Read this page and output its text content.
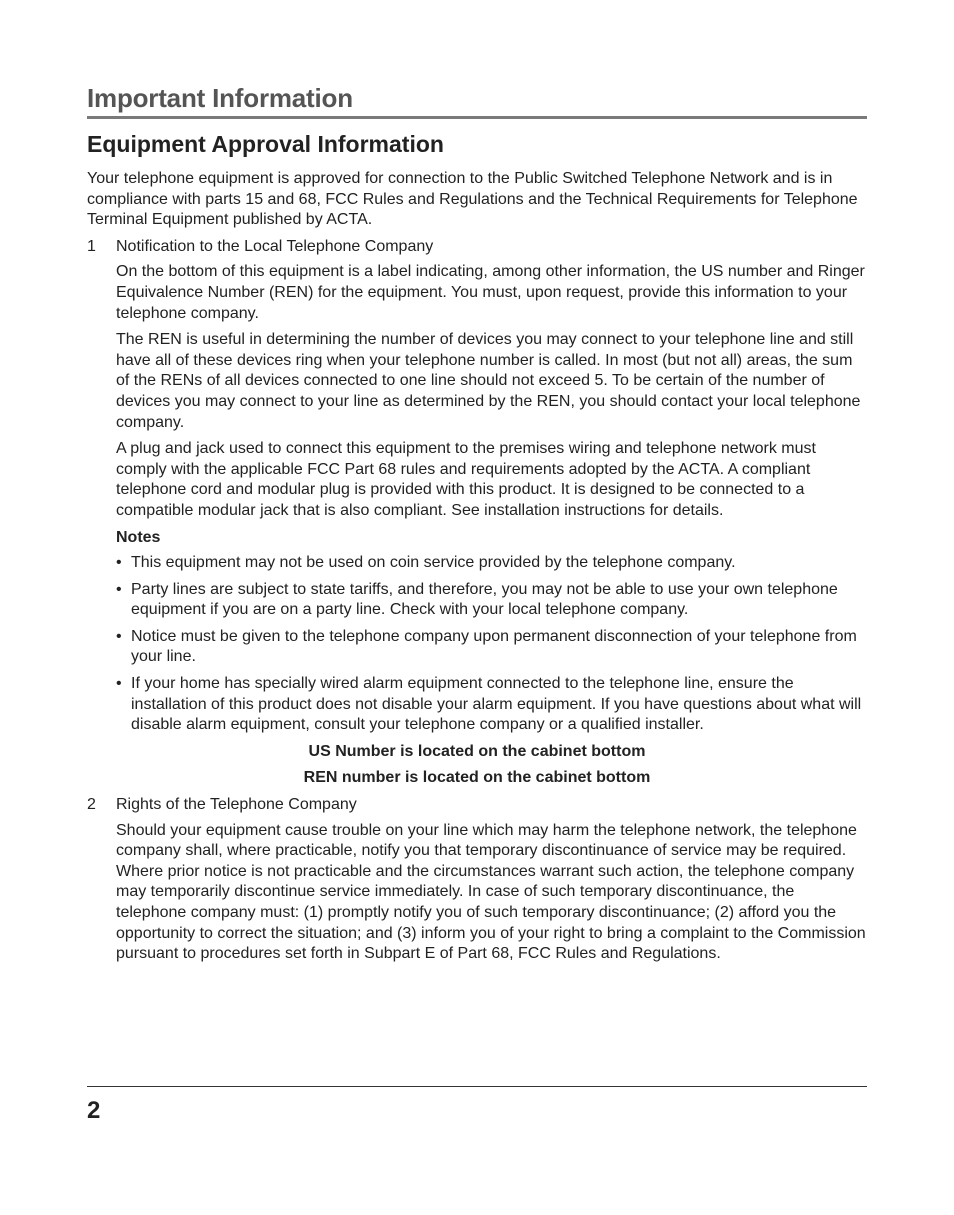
Important Information
Equipment Approval Information

Your telephone equipment is approved for connection to the Public Switched Telephone Network and is in compliance with parts 15 and 68, FCC Rules and Regulations and the Technical Requirements for Telephone Terminal Equipment published by ACTA.

1	Notification to the Local Telephone Company

On the bottom of this equipment is a label indicating, among other information, the US number and Ringer Equivalence Number (REN) for the equipment. You must, upon request, provide this information to your telephone company.

The REN is useful in determining the number of devices you may connect to your telephone line and still have all of these devices ring when your telephone number is called. In most (but not all) areas, the sum of the RENs of all devices connected to one line should not exceed 5. To be certain of the number of devices you may connect to your line as determined by the REN, you should contact your local telephone company.

A plug and jack used to connect this equipment to the premises wiring and telephone network must comply with the applicable FCC Part 68 rules and requirements adopted by the ACTA. A compliant telephone cord and modular plug is provided with this product. It is designed to be connected to a compatible modular jack that is also compliant. See installation instructions for details.

Notes
• This equipment may not be used on coin service provided by the telephone company.
• Party lines are subject to state tariffs, and therefore, you may not be able to use your own telephone equipment if you are on a party line. Check with your local telephone company.
• Notice must be given to the telephone company upon permanent disconnection of your telephone from your line.
• If your home has specially wired alarm equipment connected to the telephone line, ensure the installation of this product does not disable your alarm equipment. If you have questions about what will disable alarm equipment, consult your telephone company or a qualified installer.
US Number is located on the cabinet bottom
REN number is located on the cabinet bottom
2	Rights of the Telephone Company

Should your equipment cause trouble on your line which may harm the telephone network, the telephone company shall, where practicable, notify you that temporary discontinuance of service may be required. Where prior notice is not practicable and the circumstances warrant such action, the telephone company may temporarily discontinue service immediately. In case of such temporary discontinuance, the telephone company must: (1) promptly notify you of such temporary discontinuance; (2) afford you the opportunity to correct the situation; and (3) inform you of your right to bring a complaint to the Commission pursuant to procedures set forth in Subpart E of Part 68, FCC Rules and Regulations.

2
